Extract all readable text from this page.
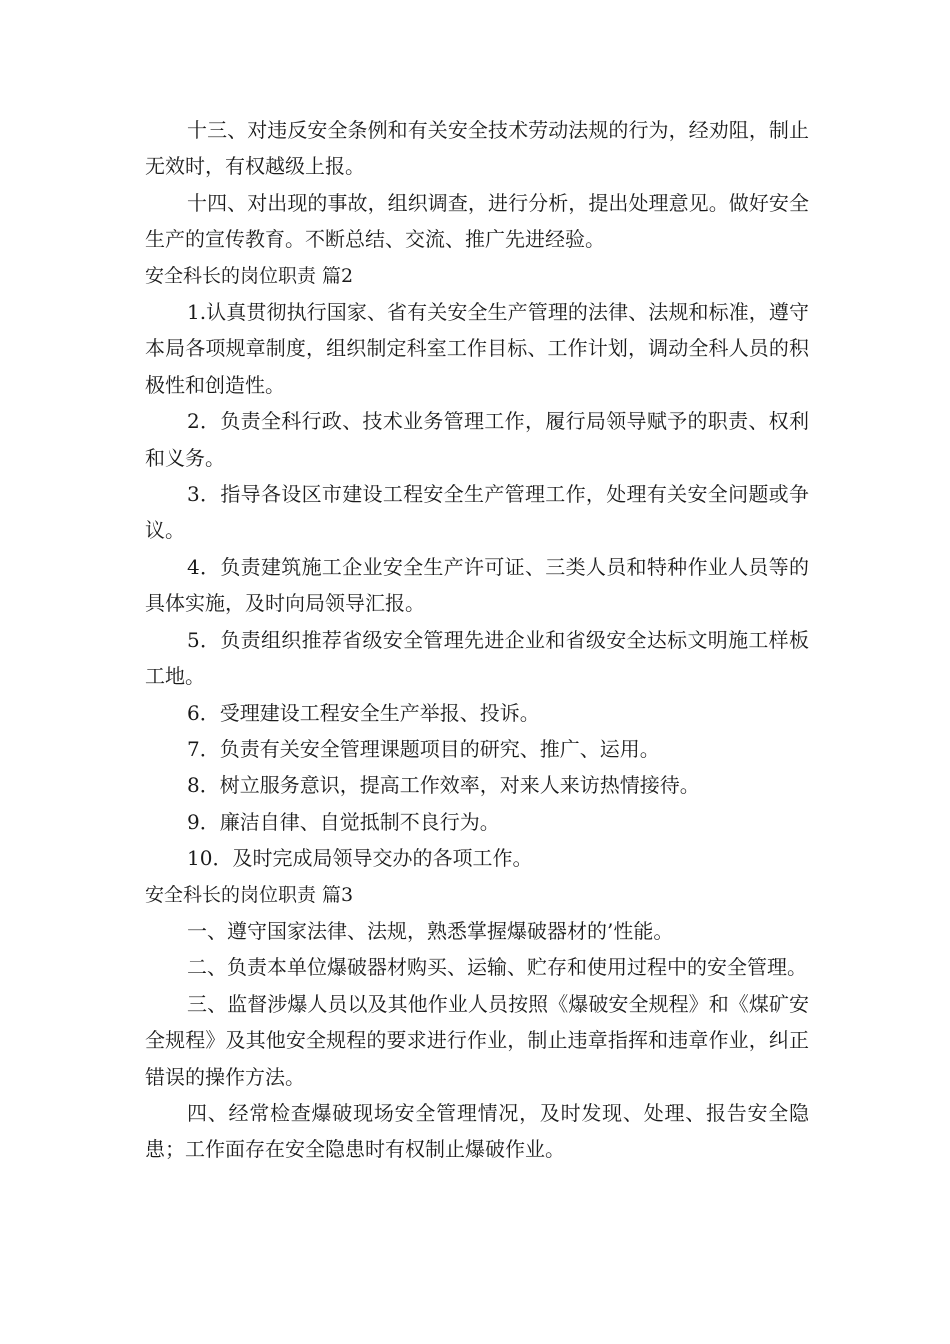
十三、对违反安全条例和有关安全技术劳动法规的行为，经劝阻，制止无效时，有权越级上报。

十四、对出现的事故，组织调查，进行分析，提出处理意见。做好安全生产的宣传教育。不断总结、交流、推广先进经验。

安全科长的岗位职责 篇2

1.认真贯彻执行国家、省有关安全生产管理的法律、法规和标准，遵守本局各项规章制度，组织制定科室工作目标、工作计划，调动全科人员的积极性和创造性。

2．负责全科行政、技术业务管理工作，履行局领导赋予的职责、权利和义务。

3．指导各设区市建设工程安全生产管理工作，处理有关安全问题或争议。

4．负责建筑施工企业安全生产许可证、三类人员和特种作业人员等的具体实施，及时向局领导汇报。

5．负责组织推荐省级安全管理先进企业和省级安全达标文明施工样板工地。

6．受理建设工程安全生产举报、投诉。

7．负责有关安全管理课题项目的研究、推广、运用。

8．树立服务意识，提高工作效率，对来人来访热情接待。

9．廉洁自律、自觉抵制不良行为。

10．及时完成局领导交办的各项工作。

安全科长的岗位职责 篇3

一、遵守国家法律、法规，熟悉掌握爆破器材的’性能。

二、负责本单位爆破器材购买、运输、贮存和使用过程中的安全管理。

三、监督涉爆人员以及其他作业人员按照《爆破安全规程》和《煤矿安全规程》及其他安全规程的要求进行作业，制止违章指挥和违章作业，纠正错误的操作方法。

四、经常检查爆破现场安全管理情况，及时发现、处理、报告安全隐患；工作面存在安全隐患时有权制止爆破作业。
